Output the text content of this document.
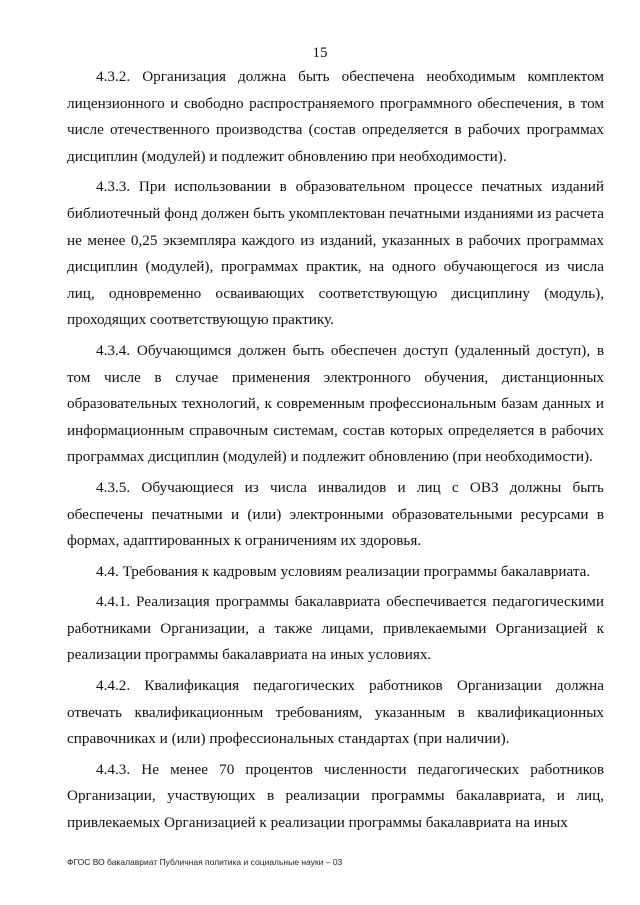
15

4.3.2. Организация должна быть обеспечена необходимым комплектом лицензионного и свободно распространяемого программного обеспечения, в том числе отечественного производства (состав определяется в рабочих программах дисциплин (модулей) и подлежит обновлению при необходимости).

4.3.3. При использовании в образовательном процессе печатных изданий библиотечный фонд должен быть укомплектован печатными изданиями из расчета не менее 0,25 экземпляра каждого из изданий, указанных в рабочих программах дисциплин (модулей), программах практик, на одного обучающегося из числа лиц, одновременно осваивающих соответствующую дисциплину (модуль), проходящих соответствующую практику.

4.3.4. Обучающимся должен быть обеспечен доступ (удаленный доступ), в том числе в случае применения электронного обучения, дистанционных образовательных технологий, к современным профессиональным базам данных и информационным справочным системам, состав которых определяется в рабочих программах дисциплин (модулей) и подлежит обновлению (при необходимости).

4.3.5. Обучающиеся из числа инвалидов и лиц с ОВЗ должны быть обеспечены печатными и (или) электронными образовательными ресурсами в формах, адаптированных к ограничениям их здоровья.

4.4. Требования к кадровым условиям реализации программы бакалавриата.

4.4.1. Реализация программы бакалавриата обеспечивается педагогическими работниками Организации, а также лицами, привлекаемыми Организацией к реализации программы бакалавриата на иных условиях.

4.4.2. Квалификация педагогических работников Организации должна отвечать квалификационным требованиям, указанным в квалификационных справочниках и (или) профессиональных стандартах (при наличии).

4.4.3. Не менее 70 процентов численности педагогических работников Организации, участвующих в реализации программы бакалавриата, и лиц, привлекаемых Организацией к реализации программы бакалавриата на иных

ФГОС ВО бакалавриат Публичная политика и социальные науки – 03
